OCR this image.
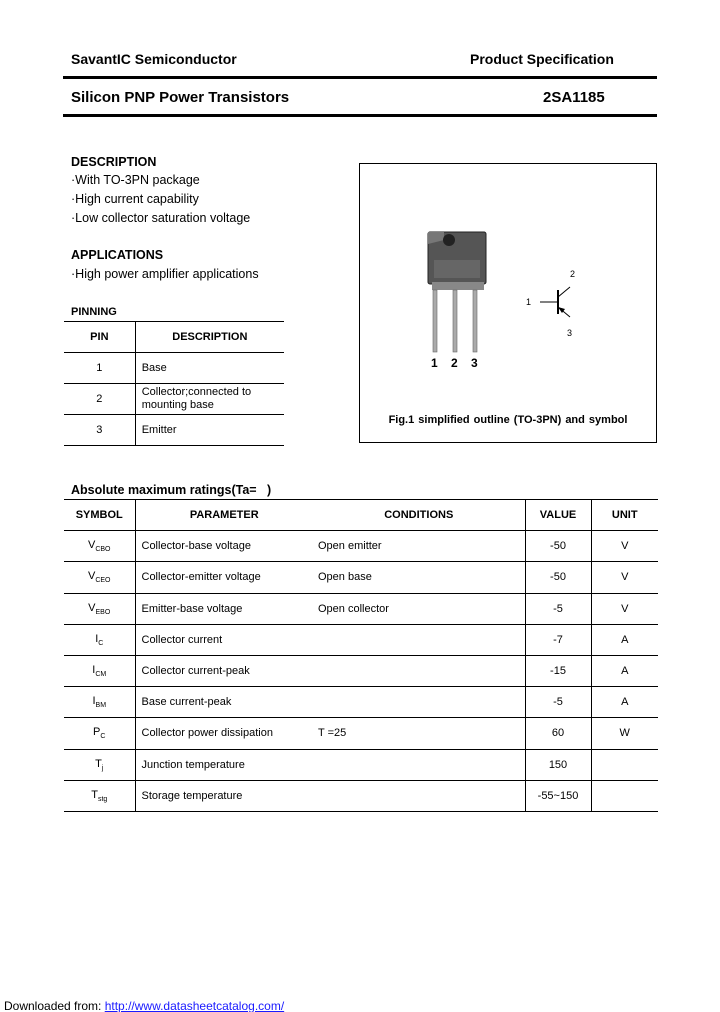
SavantIC Semiconductor	Product Specification
Silicon PNP Power Transistors	2SA1185
DESCRIPTION
·With TO-3PN package
·High current capability
·Low collector saturation voltage
APPLICATIONS
·High power amplifier applications
PINNING
PIN	DESCRIPTION
1	Base
2	Collector;connected to mounting base
3	Emitter
1 2 3
1
2
3
Fig.1 simplified outline (TO-3PN) and symbol
Absolute maximum ratings(Ta=   )
SYMBOL	PARAMETER	CONDITIONS	VALUE	UNIT
$V_{CBO}$	Collector-base voltage	Open emitter	-50	V
$V_{CEO}$	Collector-emitter voltage	Open base	-50	V
$V_{EBO}$	Emitter-base voltage	Open collector	-5	V
$I_C$	Collector current		-7	A
$I_{CM}$	Collector current-peak		-15	A
$I_{BM}$	Base current-peak		-5	A
$P_C$	Collector power dissipation	T =25	60	W
$T_j$	Junction temperature		150	
$T_{stg}$	Storage temperature		-55~150	
Downloaded from: http://www.datasheetcatalog.com/
